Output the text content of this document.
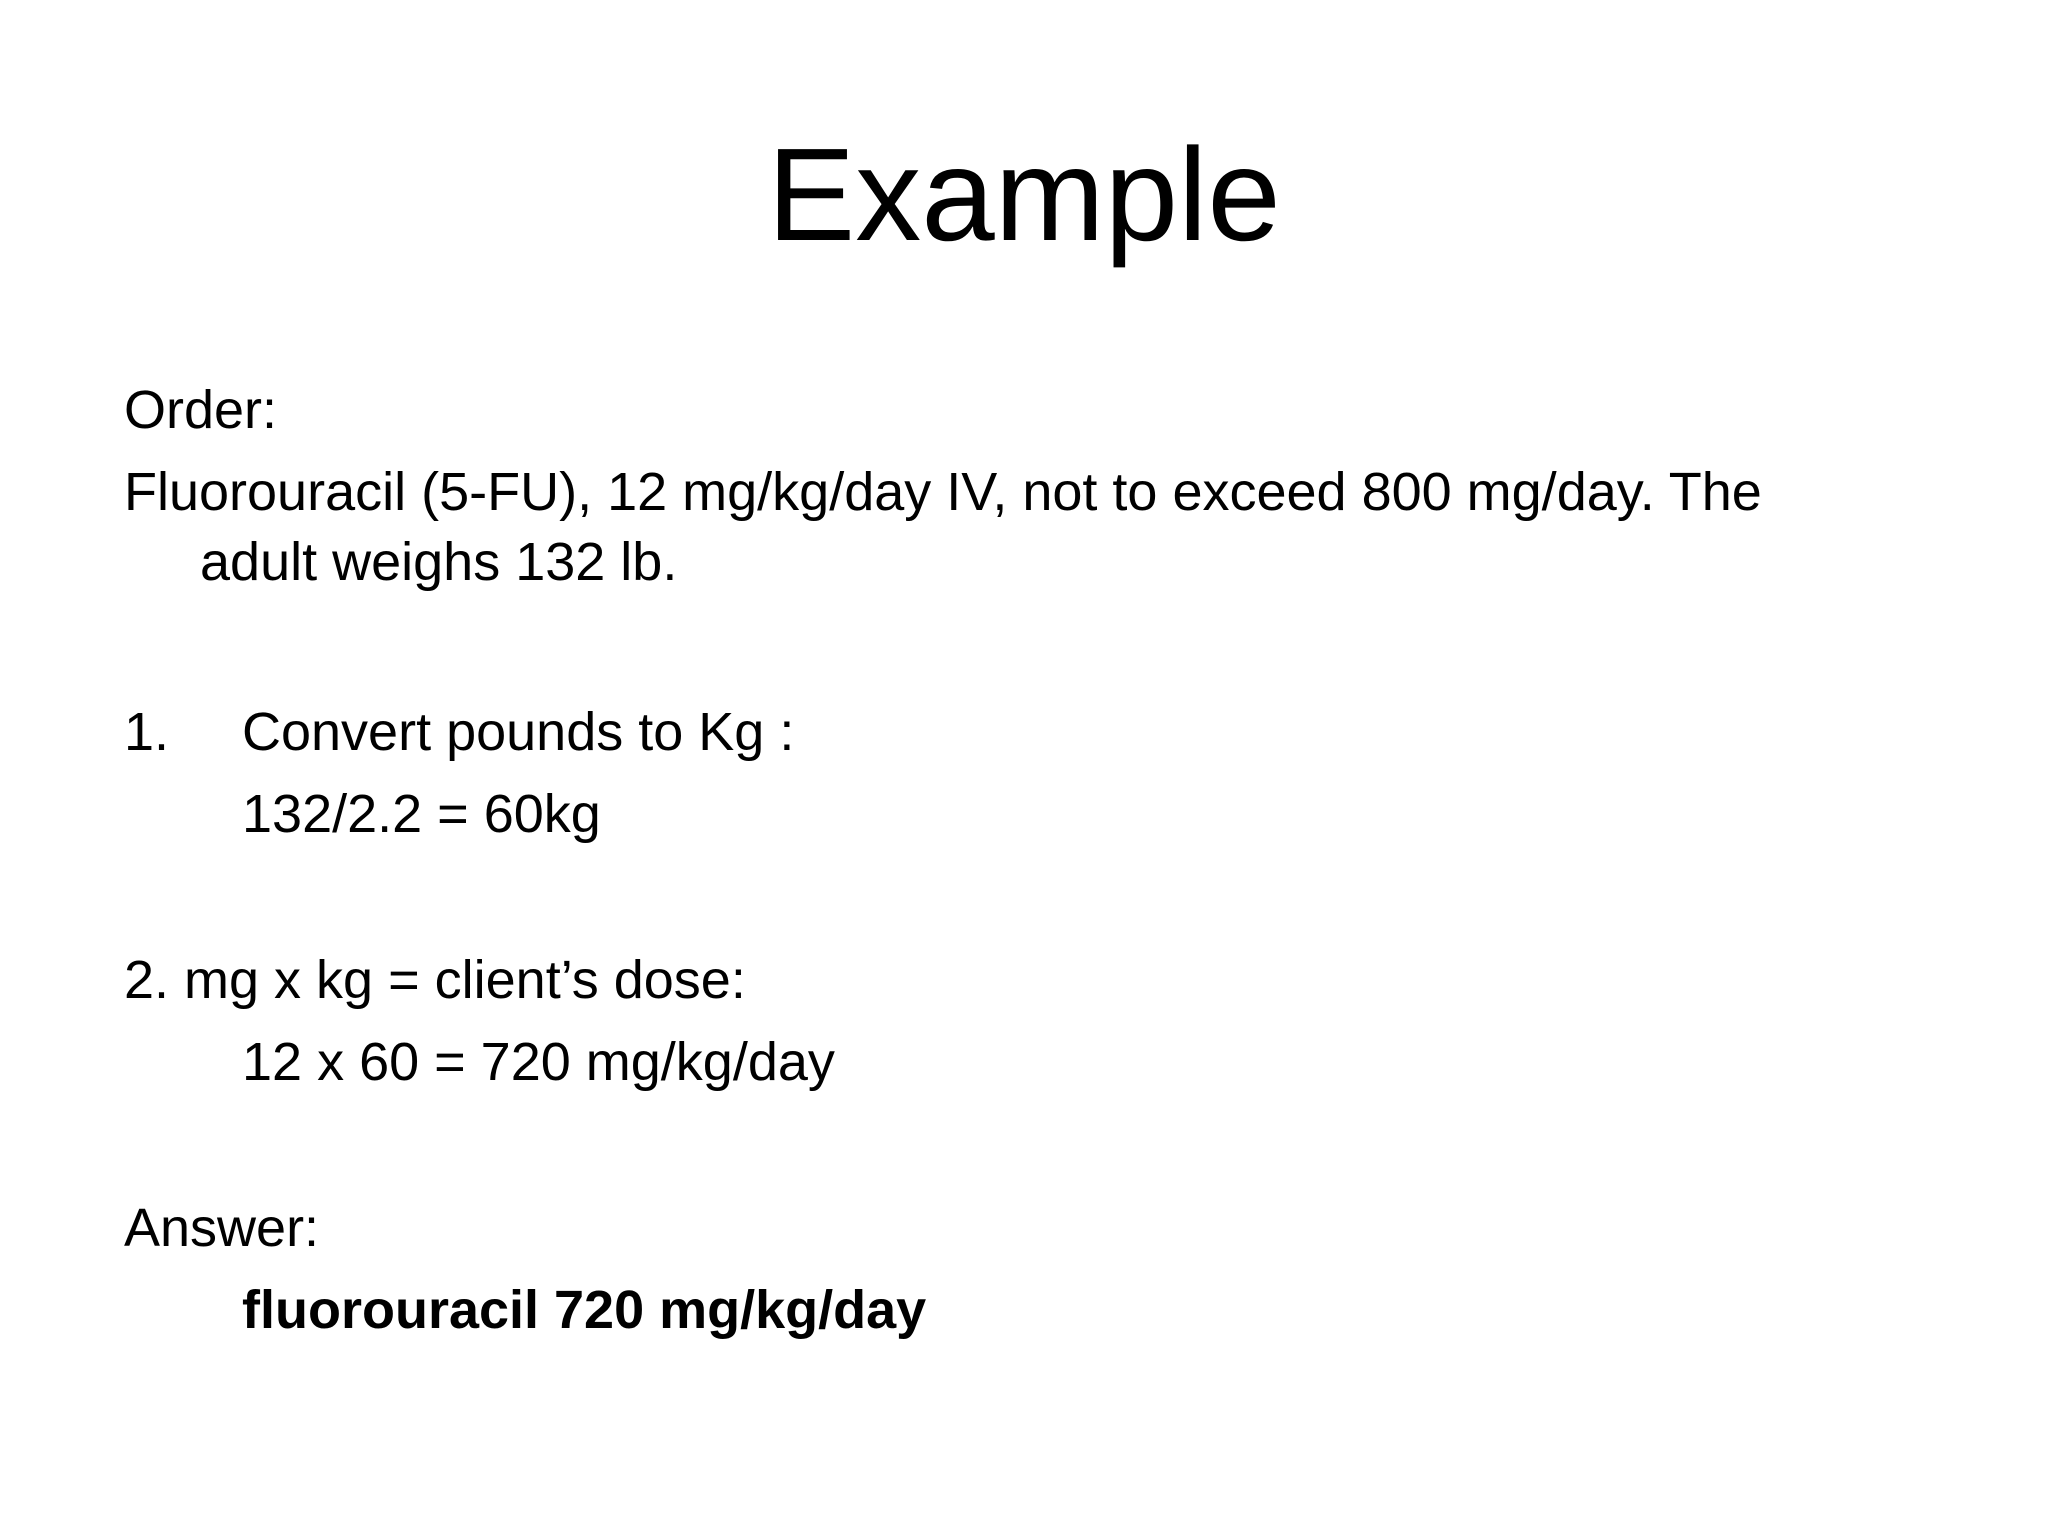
Example
Order:
Fluorouracil (5-FU), 12 mg/kg/day IV, not to exceed 800 mg/day. The
adult weighs 132 lb.
1. Convert pounds to Kg :
132/2.2 = 60kg
2. mg x kg = client’s dose:
12 x 60 = 720 mg/kg/day
Answer:
fluorouracil 720 mg/kg/day
